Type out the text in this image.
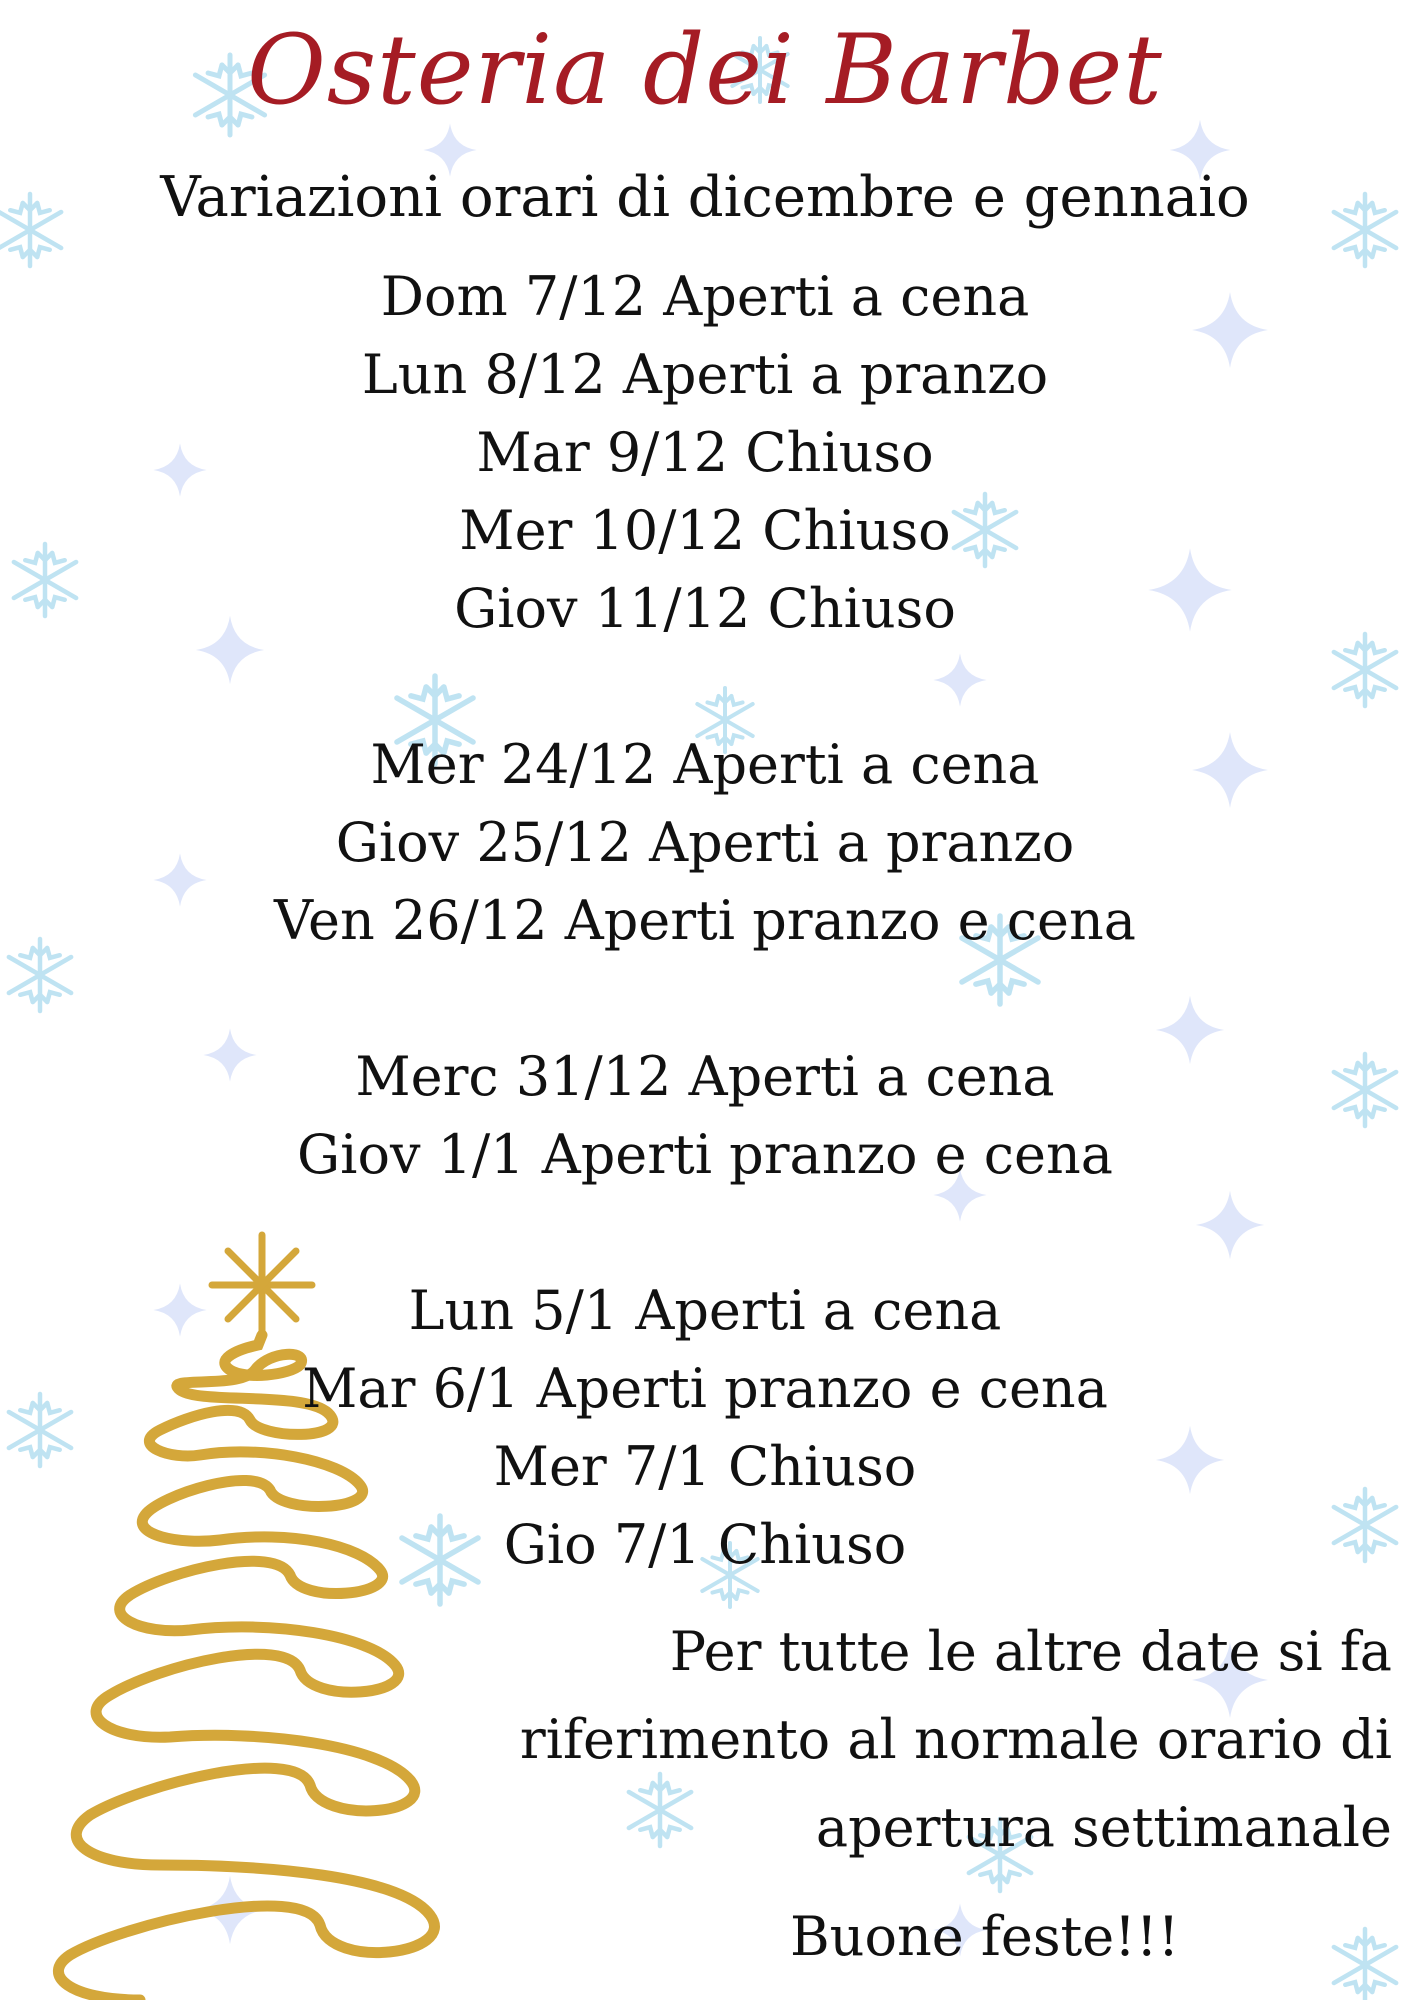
Osteria dei Barbet
Variazioni orari di dicembre e gennaio
Dom 7/12 Aperti a cena
Lun 8/12 Aperti a pranzo
Mar 9/12 Chiuso
Mer 10/12 Chiuso
Giov 11/12 Chiuso
Mer 24/12 Aperti a cena
Giov 25/12 Aperti a pranzo
Ven 26/12 Aperti pranzo e cena
Merc 31/12 Aperti a cena
Giov 1/1 Aperti pranzo e cena
Lun 5/1 Aperti a cena
Mar 6/1 Aperti pranzo e cena
Mer 7/1 Chiuso
Gio 7/1 Chiuso
Per tutte le altre date si fa
riferimento al normale orario di
apertura settimanale
Buone feste!!!
